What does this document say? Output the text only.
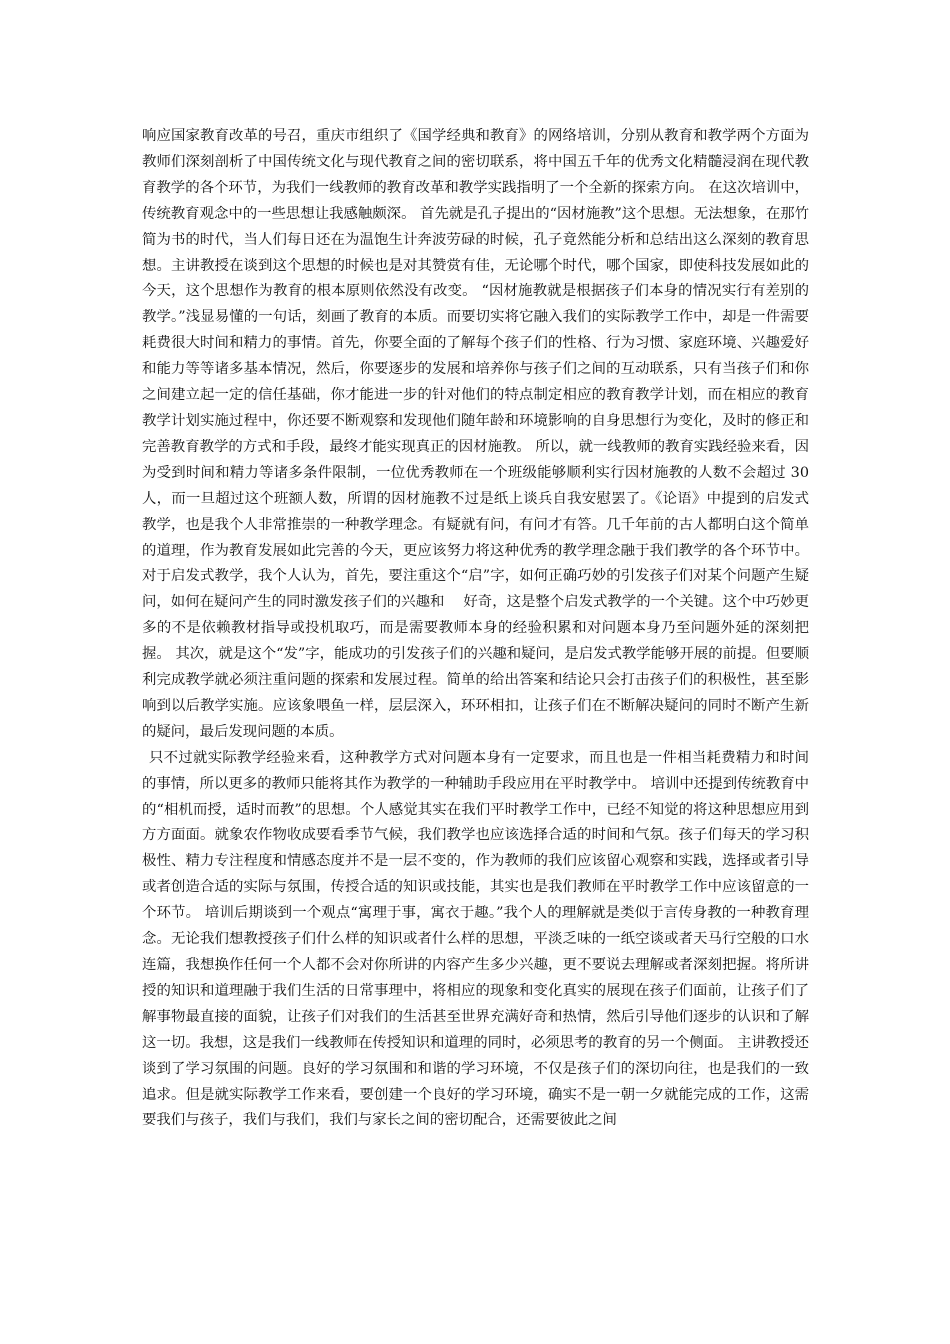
响应国家教育改革的号召，重庆市组织了《国学经典和教育》的网络培训，分别从教育和教学两个方面为教师们深刻剖析了中国传统文化与现代教育之间的密切联系，将中国五千年的优秀文化精髓浸润在现代教育教学的各个环节，为我们一线教师的教育改革和教学实践指明了一个全新的探索方向。 在这次培训中，传统教育观念中的一些思想让我感触颇深。 首先就是孔子提出的“因材施教”这个思想。无法想象，在那竹简为书的时代，当人们每日还在为温饱生计奔波劳碌的时候，孔子竟然能分析和总结出这么深刻的教育思想。主讲教授在谈到这个思想的时候也是对其赞赏有佳，无论哪个时代，哪个国家，即使科技发展如此的今天，这个思想作为教育的根本原则依然没有改变。 “因材施教就是根据孩子们本身的情况实行有差别的教学。”浅显易懂的一句话，刻画了教育的本质。而要切实将它融入我们的实际教学工作中，却是一件需要耗费很大时间和精力的事情。首先，你要全面的了解每个孩子们的性格、行为习惯、家庭环境、兴趣爱好和能力等等诸多基本情况，然后，你要逐步的发展和培养你与孩子们之间的互动联系，只有当孩子们和你之间建立起一定的信任基础，你才能进一步的针对他们的特点制定相应的教育教学计划，而在相应的教育教学计划实施过程中，你还要不断观察和发现他们随年龄和环境影响的自身思想行为变化，及时的修正和完善教育教学的方式和手段，最终才能实现真正的因材施教。 所以，就一线教师的教育实践经验来看，因为受到时间和精力等诸多条件限制，一位优秀教师在一个班级能够顺利实行因材施教的人数不会超过 30 人，而一旦超过这个班额人数，所谓的因材施教不过是纸上谈兵自我安慰罢了。《论语》中提到的启发式教学，也是我个人非常推崇的一种教学理念。有疑就有问，有问才有答。几千年前的古人都明白这个简单的道理，作为教育发展如此完善的今天，更应该努力将这种优秀的教学理念融于我们教学的各个环节中。 对于启发式教学，我个人认为，首先，要注重这个“启”字，如何正确巧妙的引发孩子们对某个问题产生疑问，如何在疑问产生的同时激发孩子们的兴趣和　 好奇，这是整个启发式教学的一个关键。这个中巧妙更多的不是依赖教材指导或投机取巧，而是需要教师本身的经验积累和对问题本身乃至问题外延的深刻把握。 其次，就是这个“发”字，能成功的引发孩子们的兴趣和疑问，是启发式教学能够开展的前提。但要顺利完成教学就必须注重问题的探索和发展过程。简单的给出答案和结论只会打击孩子们的积极性，甚至影响到以后教学实施。应该象喂鱼一样，层层深入，环环相扣，让孩子们在不断解决疑问的同时不断产生新的疑问，最后发现问题的本质。

只不过就实际教学经验来看，这种教学方式对问题本身有一定要求，而且也是一件相当耗费精力和时间的事情，所以更多的教师只能将其作为教学的一种辅助手段应用在平时教学中。 培训中还提到传统教育中的“相机而授，适时而教”的思想。个人感觉其实在我们平时教学工作中，已经不知觉的将这种思想应用到方方面面。就象农作物收成要看季节气候，我们教学也应该选择合适的时间和气氛。孩子们每天的学习积极性、精力专注程度和情感态度并不是一层不变的，作为教师的我们应该留心观察和实践，选择或者引导或者创造合适的实际与氛围，传授合适的知识或技能，其实也是我们教师在平时教学工作中应该留意的一个环节。 培训后期谈到一个观点“寓理于事，寓衣于趣。”我个人的理解就是类似于言传身教的一种教育理念。无论我们想教授孩子们什么样的知识或者什么样的思想，平淡乏味的一纸空谈或者天马行空般的口水连篇，我想换作任何一个人都不会对你所讲的内容产生多少兴趣，更不要说去理解或者深刻把握。将所讲授的知识和道理融于我们生活的日常事理中，将相应的现象和变化真实的展现在孩子们面前，让孩子们了解事物最直接的面貌，让孩子们对我们的生活甚至世界充满好奇和热情，然后引导他们逐步的认识和了解这一切。我想，这是我们一线教师在传授知识和道理的同时，必须思考的教育的另一个侧面。 主讲教授还谈到了学习氛围的问题。良好的学习氛围和和谐的学习环境，不仅是孩子们的深切向往，也是我们的一致追求。但是就实际教学工作来看，要创建一个良好的学习环境，确实不是一朝一夕就能完成的工作，这需要我们与孩子，我们与我们，我们与家长之间的密切配合，还需要彼此之间
